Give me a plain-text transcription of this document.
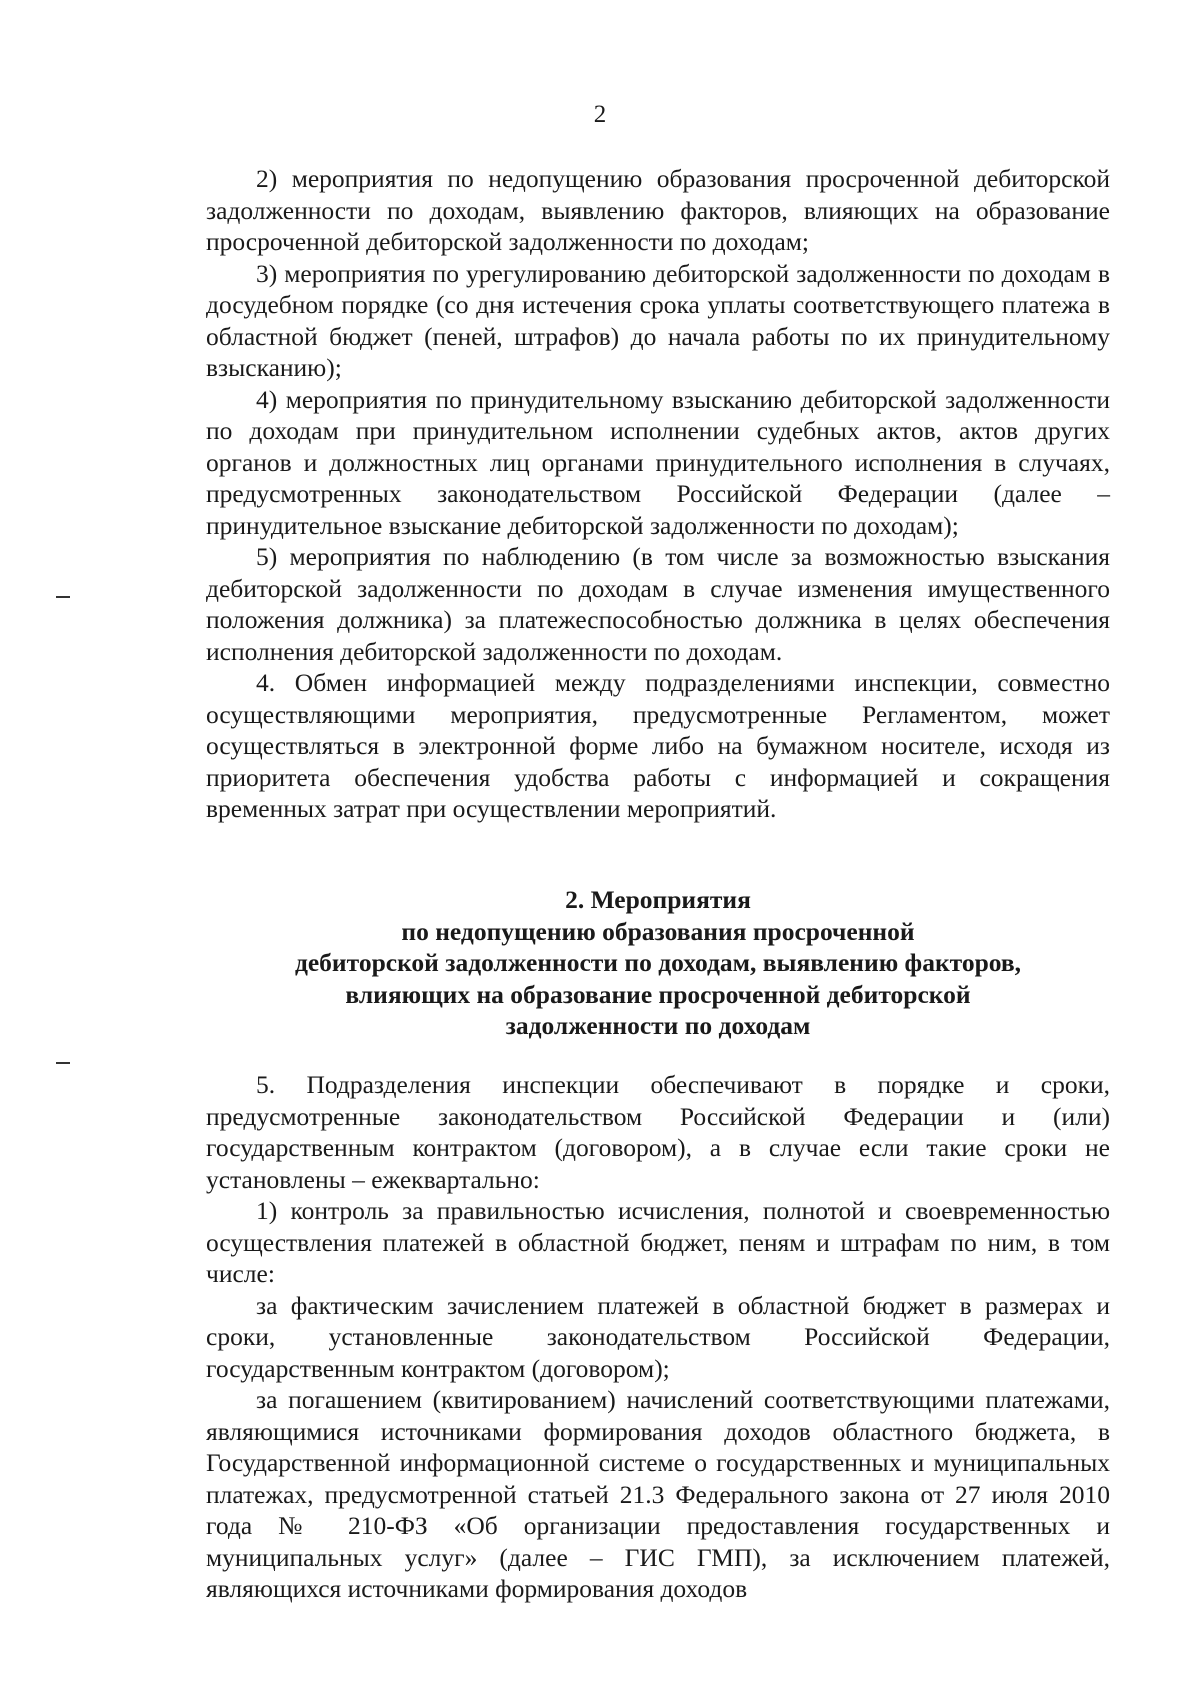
2

2) мероприятия по недопущению образования просроченной дебиторской задолженности по доходам, выявлению факторов, влияющих на образование просроченной дебиторской задолженности по доходам;

3) мероприятия по урегулированию дебиторской задолженности по доходам в досудебном порядке (со дня истечения срока уплаты соответствующего платежа в областной бюджет (пеней, штрафов) до начала работы по их принудительному взысканию);

4) мероприятия по принудительному взысканию дебиторской задолженности по доходам при принудительном исполнении судебных актов, актов других органов и должностных лиц органами принудительного исполнения в случаях, предусмотренных законодательством Российской Федерации (далее – принудительное взыскание дебиторской задолженности по доходам);

5) мероприятия по наблюдению (в том числе за возможностью взыскания дебиторской задолженности по доходам в случае изменения имущественного положения должника) за платежеспособностью должника в целях обеспечения исполнения дебиторской задолженности по доходам.

4. Обмен информацией между подразделениями инспекции, совместно осуществляющими мероприятия, предусмотренные Регламентом, может осуществляться в электронной форме либо на бумажном носителе, исходя из приоритета обеспечения удобства работы с информацией и сокращения временных затрат при осуществлении мероприятий.

2. Мероприятия
по недопущению образования просроченной
дебиторской задолженности по доходам, выявлению факторов,
влияющих на образование просроченной дебиторской
задолженности по доходам

5. Подразделения инспекции обеспечивают в порядке и сроки, предусмотренные законодательством Российской Федерации и (или) государственным контрактом (договором), а в случае если такие сроки не установлены – ежеквартально:

1) контроль за правильностью исчисления, полнотой и своевременностью осуществления платежей в областной бюджет, пеням и штрафам по ним, в том числе:

за фактическим зачислением платежей в областной бюджет в размерах и сроки, установленные законодательством Российской Федерации, государственным контрактом (договором);

за погашением (квитированием) начислений соответствующими платежами, являющимися источниками формирования доходов областного бюджета, в Государственной информационной системе о государственных и муниципальных платежах, предусмотренной статьей 21.3 Федерального закона от 27 июля 2010 года № 210-ФЗ «Об организации предоставления государственных и муниципальных услуг» (далее – ГИС ГМП), за исключением платежей, являющихся источниками формирования доходов
